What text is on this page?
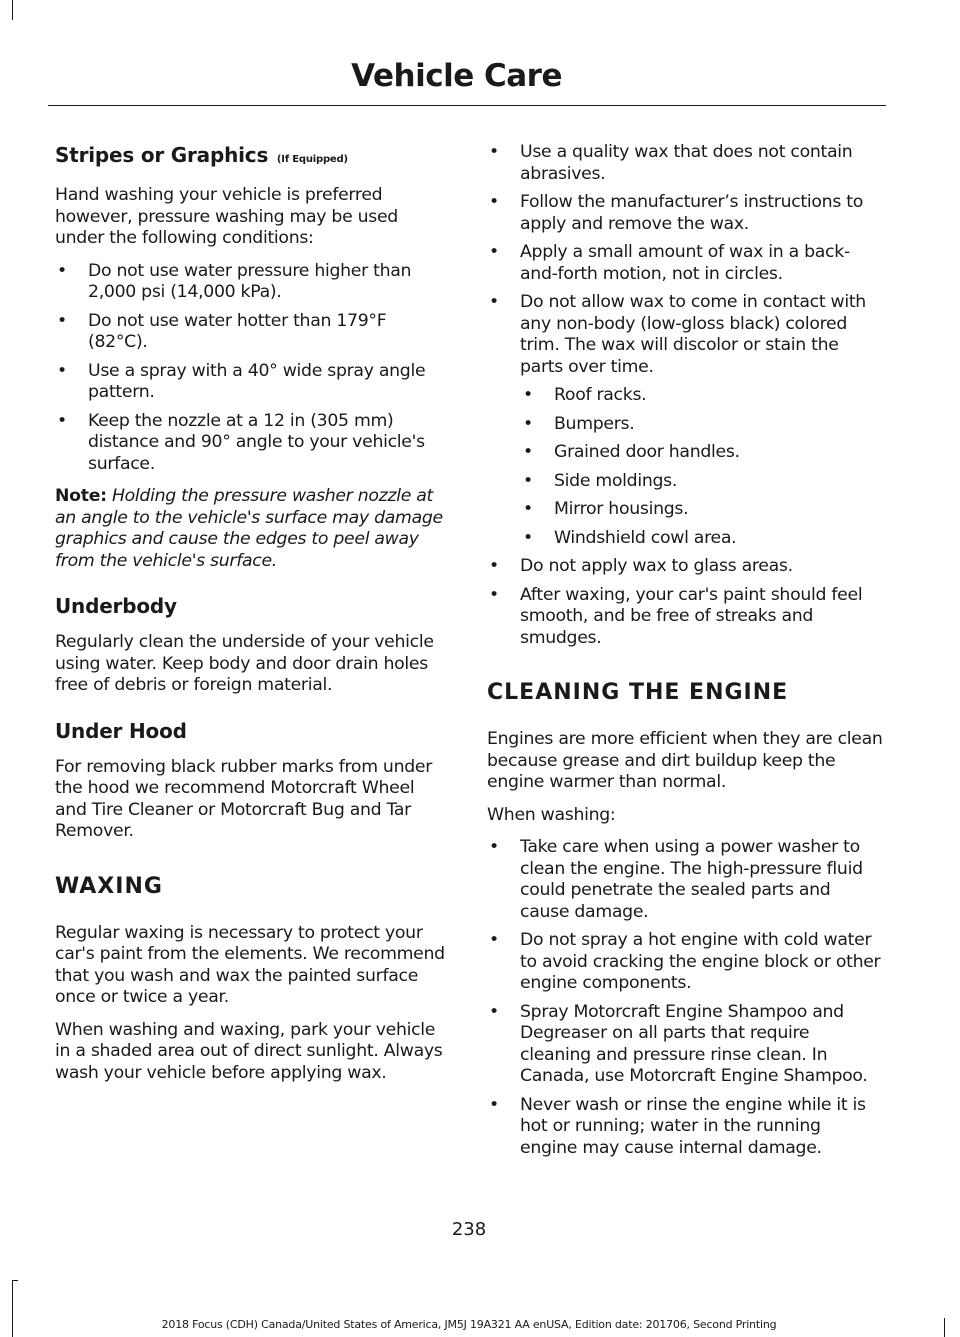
Vehicle Care
Stripes or Graphics (If Equipped)

Hand washing your vehicle is preferred however, pressure washing may be used under the following conditions:

• Do not use water pressure higher than 2,000 psi (14,000 kPa).
• Do not use water hotter than 179°F (82°C).
• Use a spray with a 40° wide spray angle pattern.
• Keep the nozzle at a 12 in (305 mm) distance and 90° angle to your vehicle's surface.

Note: Holding the pressure washer nozzle at an angle to the vehicle's surface may damage graphics and cause the edges to peel away from the vehicle's surface.

Underbody

Regularly clean the underside of your vehicle using water. Keep body and door drain holes free of debris or foreign material.

Under Hood

For removing black rubber marks from under the hood we recommend Motorcraft Wheel and Tire Cleaner or Motorcraft Bug and Tar Remover.

WAXING

Regular waxing is necessary to protect your car's paint from the elements. We recommend that you wash and wax the painted surface once or twice a year.

When washing and waxing, park your vehicle in a shaded area out of direct sunlight. Always wash your vehicle before applying wax.

• Use a quality wax that does not contain abrasives.
• Follow the manufacturer’s instructions to apply and remove the wax.
• Apply a small amount of wax in a back-and-forth motion, not in circles.
• Do not allow wax to come in contact with any non-body (low-gloss black) colored trim. The wax will discolor or stain the parts over time.
• Roof racks.
• Bumpers.
• Grained door handles.
• Side moldings.
• Mirror housings.
• Windshield cowl area.
• Do not apply wax to glass areas.
• After waxing, your car's paint should feel smooth, and be free of streaks and smudges.
CLEANING THE ENGINE

Engines are more efficient when they are clean because grease and dirt buildup keep the engine warmer than normal.

When washing:

• Take care when using a power washer to clean the engine. The high-pressure fluid could penetrate the sealed parts and cause damage.
• Do not spray a hot engine with cold water to avoid cracking the engine block or other engine components.
• Spray Motorcraft Engine Shampoo and Degreaser on all parts that require cleaning and pressure rinse clean. In Canada, use Motorcraft Engine Shampoo.
• Never wash or rinse the engine while it is hot or running; water in the running engine may cause internal damage.
238
2018 Focus (CDH) Canada/United States of America, JM5J 19A321 AA enUSA, Edition date: 201706, Second Printing
